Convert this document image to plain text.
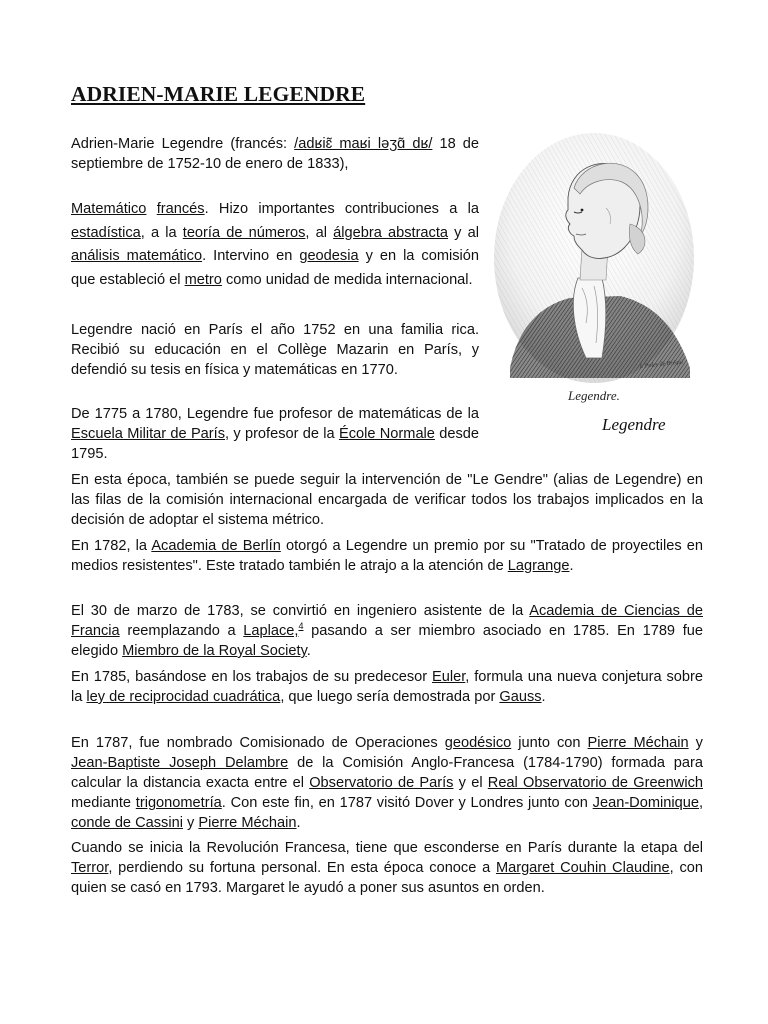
ADRIEN-MARIE LEGENDRE

Adrien-Marie Legendre (francés: /adʁiɛ̃ maʁi ləʒɑ̃ dʁ/ 18 de septiembre de 1752-10 de enero de 1833),

Matemático francés. Hizo importantes contribuciones a la estadística, a la teoría de números, al álgebra abstracta y al análisis matemático. Intervino en geodesia y en la comisión que estableció el metro como unidad de medida internacional.

Legendre nació en París el año 1752 en una familia rica. Recibió su educación en el Collège Mazarin en París, y defendió su tesis en física y matemáticas en 1770.

De 1775 a 1780, Legendre fue profesor de matemáticas de la Escuela Militar de París, y profesor de la École Normale desde 1795.

En esta época, también se puede seguir la intervención de "Le Gendre" (alias de Legendre) en las filas de la comisión internacional encargada de verificar todos los trabajos implicados en la decisión de adoptar el sistema métrico.

En 1782, la Academia de Berlín otorgó a Legendre un premio por su "Tratado de proyectiles en medios resistentes". Este tratado también le atrajo a la atención de Lagrange.

El 30 de marzo de 1783, se convirtió en ingeniero asistente de la Academia de Ciencias de Francia reemplazando a Laplace,$^4$ pasando a ser miembro asociado en 1785. En 1789 fue elegido Miembro de la Royal Society.

En 1785, basándose en los trabajos de su predecesor Euler, formula una nueva conjetura sobre la ley de reciprocidad cuadrática, que luego sería demostrada por Gauss.

En 1787, fue nombrado Comisionado de Operaciones geodésico junto con Pierre Méchain y Jean-Baptiste Joseph Delambre de la Comisión Anglo-Francesa (1784-1790) formada para calcular la distancia exacta entre el Observatorio de París y el Real Observatorio de Greenwich mediante trigonometría. Con este fin, en 1787 visitó Dover y Londres junto con Jean-Dominique, conde de Cassini y Pierre Méchain.

Cuando se inicia la Revolución Francesa, tiene que esconderse en París durante la etapa del Terror, perdiendo su fortuna personal. En esta época conoce a Margaret Couhin Claudine, con quien se casó en 1793. Margaret le ayudó a poner sus asuntos en orden.

I. Poles de Bréqui
Legendre.
Legendre
